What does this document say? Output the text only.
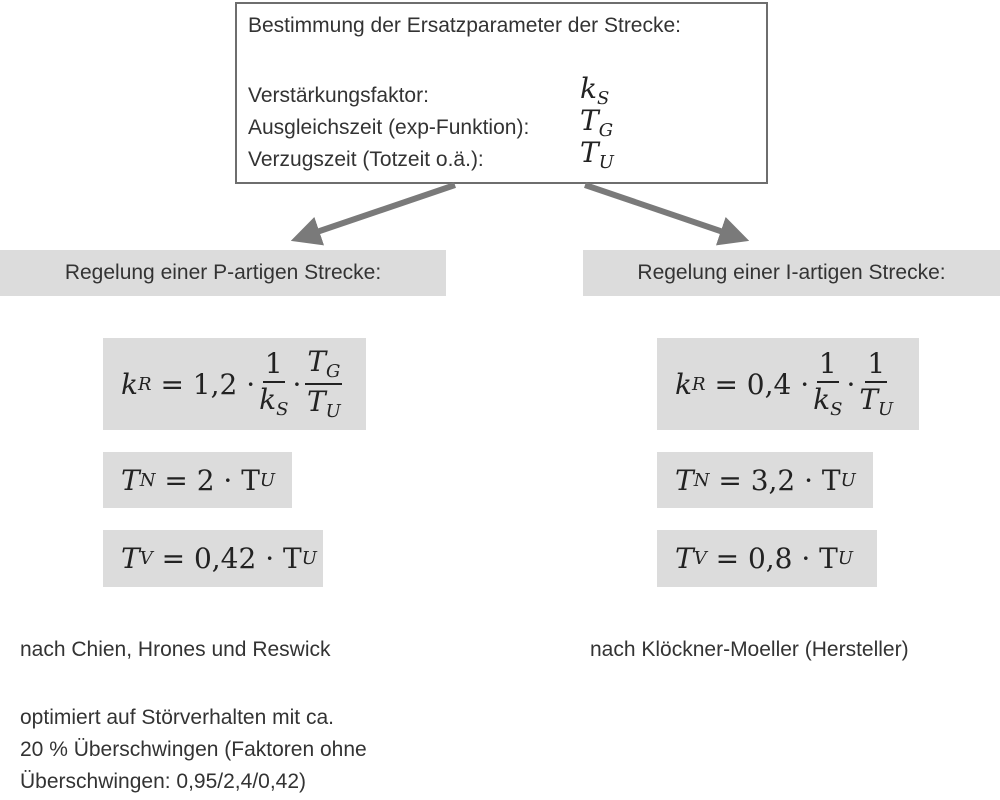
Bestimmung der Ersatzparameter der Strecke:
Verstärkungsfaktor:	$k_S$
Ausgleichszeit (exp-Funktion): $T_G$
Verzugszeit (Totzeit o.ä.):	$T_U$
Regelung einer P-artigen Strecke:	Regelung einer I-artigen Strecke:
k R
= $1,2 \cdot \frac{1}{k_S} \cdot \frac{T_G}{T_U}$
T N
= 2 · T U
T V
= 0,42 · T U
k R
= $0,4 \cdot \frac{1}{k_S} \cdot \frac{1}{T_U}$
T N
= 3,2 · T U
T V
= 0,8 · T U
nach Chien, Hrones und Reswick	nach Klöckner-Moeller (Hersteller)
optimiert auf Störverhalten mit ca.
20 % Überschwingen (Faktoren ohne
Überschwingen: 0,95/2,4/0,42)
